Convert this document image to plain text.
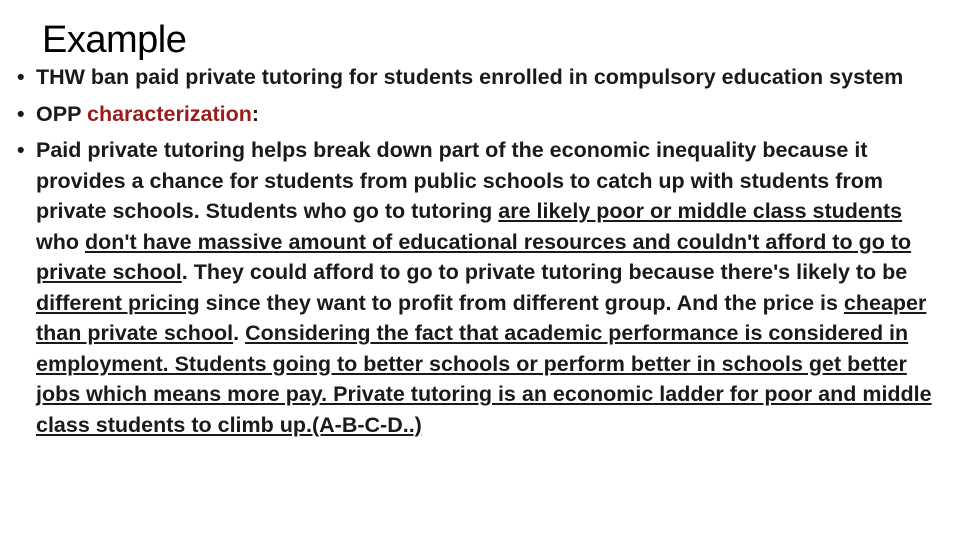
Example
• THW ban paid private tutoring for students enrolled in compulsory education system
• OPP characterization:
• Paid private tutoring helps break down part of the economic inequality because it provides a chance for students from public schools to catch up with students from private schools. Students who go to tutoring are likely poor or middle class students who don't have massive amount of educational resources and couldn't afford to go to private school. They could afford to go to private tutoring because there's likely to be different pricing since they want to profit from different group. And the price is cheaper than private school. Considering the fact that academic performance is considered in employment. Students going to better schools or perform better in schools get better jobs which means more pay. Private tutoring is an economic ladder for poor and middle class students to climb up.(A-B-C-D..)
